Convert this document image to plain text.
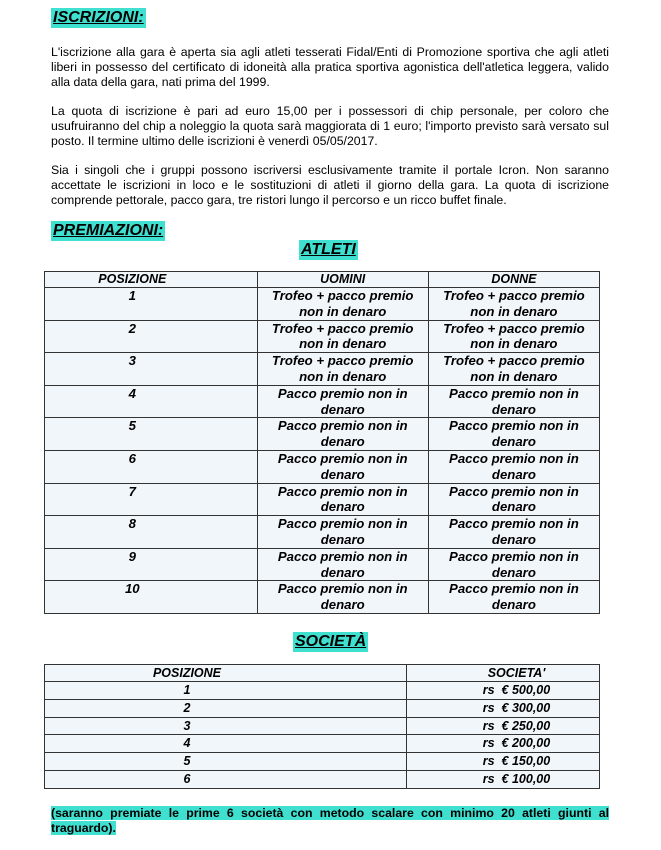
ISCRIZIONI:
L'iscrizione alla gara è aperta sia agli atleti tesserati Fidal/Enti di Promozione sportiva che agli atleti liberi in possesso del certificato di idoneità alla pratica sportiva agonistica dell'atletica leggera, valido alla data della gara, nati prima del 1999.
La quota di iscrizione è pari ad euro 15,00 per i possessori di chip personale, per coloro che usufruiranno del chip a noleggio la quota sarà maggiorata di 1 euro; l'importo previsto sarà versato sul posto. Il termine ultimo delle iscrizioni è venerdì 05/05/2017.
Sia i singoli che i gruppi possono iscriversi esclusivamente tramite il portale Icron. Non saranno accettate le iscrizioni in loco e le sostituzioni di atleti il giorno della gara. La quota di iscrizione comprende pettorale, pacco gara, tre ristori lungo il percorso e un ricco buffet finale.
PREMIAZIONI:
ATLETI
POSIZIONE	UOMINI	DONNE
1	Trofeo + pacco premio non in denaro	Trofeo + pacco premio non in denaro
2	Trofeo + pacco premio non in denaro	Trofeo + pacco premio non in denaro
3	Trofeo + pacco premio non in denaro	Trofeo + pacco premio non in denaro
4	Pacco premio non in denaro	Pacco premio non in denaro
5	Pacco premio non in denaro	Pacco premio non in denaro
6	Pacco premio non in denaro	Pacco premio non in denaro
7	Pacco premio non in denaro	Pacco premio non in denaro
8	Pacco premio non in denaro	Pacco premio non in denaro
9	Pacco premio non in denaro	Pacco premio non in denaro
10	Pacco premio non in denaro	Pacco premio non in denaro
SOCIETÀ
POSIZIONE	SOCIETA'
1	rs  € 500,00
2	rs  € 300,00
3	rs  € 250,00
4	rs  € 200,00
5	rs  € 150,00
6	rs  € 100,00
(saranno premiate le prime 6 società con metodo scalare con minimo 20 atleti giunti al traguardo).
